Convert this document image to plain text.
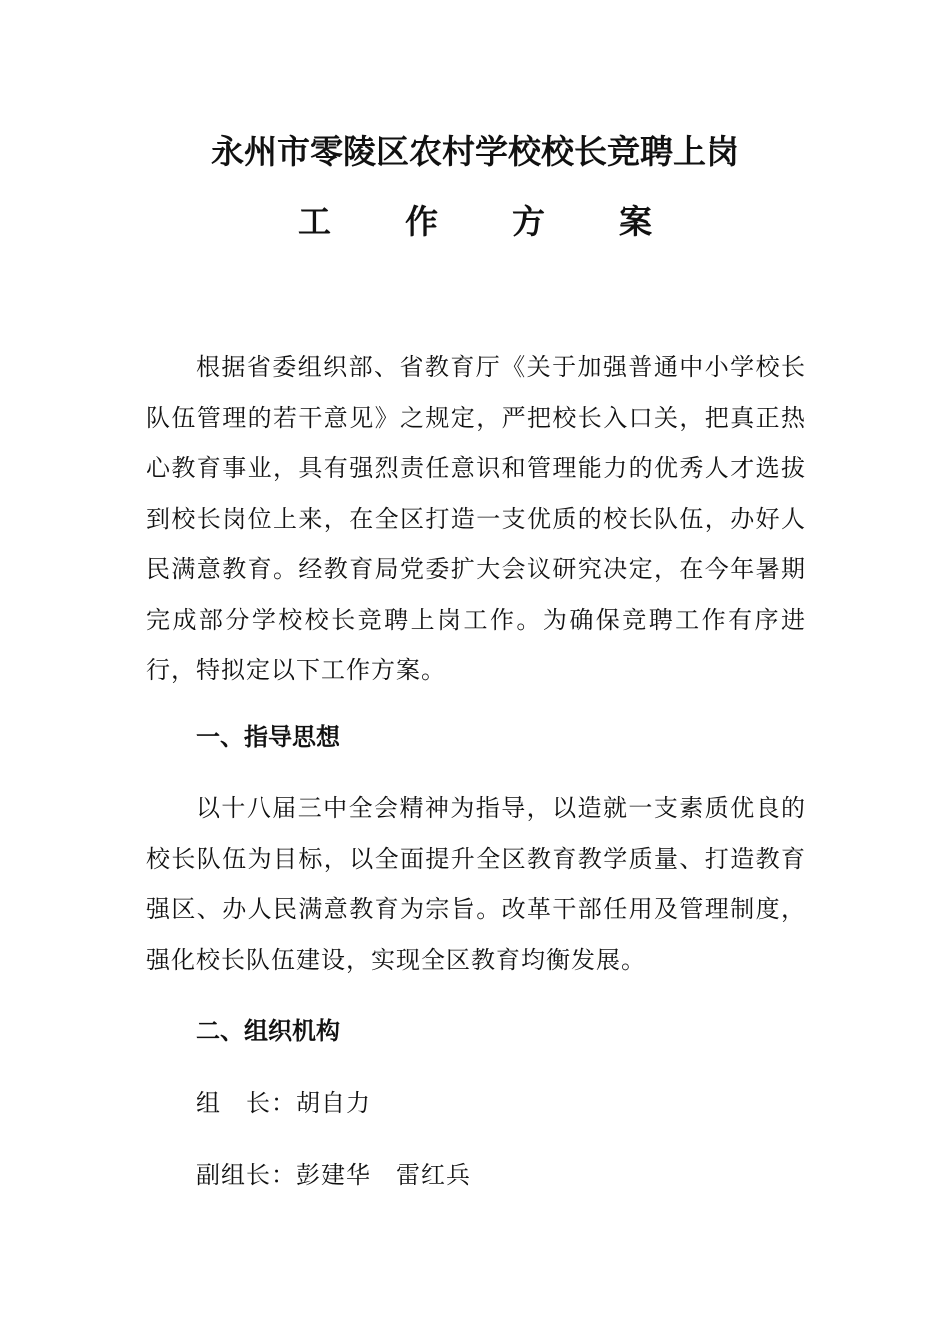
永州市零陵区农村学校校长竞聘上岗
工 作 方 案

根据省委组织部、省教育厅《关于加强普通中小学校长队伍管理的若干意见》之规定，严把校长入口关，把真正热心教育事业，具有强烈责任意识和管理能力的优秀人才选拔到校长岗位上来，在全区打造一支优质的校长队伍，办好人民满意教育。经教育局党委扩大会议研究决定，在今年暑期完成部分学校校长竞聘上岗工作。为确保竞聘工作有序进行，特拟定以下工作方案。

一、指导思想

以十八届三中全会精神为指导，以造就一支素质优良的校长队伍为目标，以全面提升全区教育教学质量、打造教育强区、办人民满意教育为宗旨。改革干部任用及管理制度，强化校长队伍建设，实现全区教育均衡发展。

二、组织机构

组　长：胡自力

副组长：彭建华　雷红兵
